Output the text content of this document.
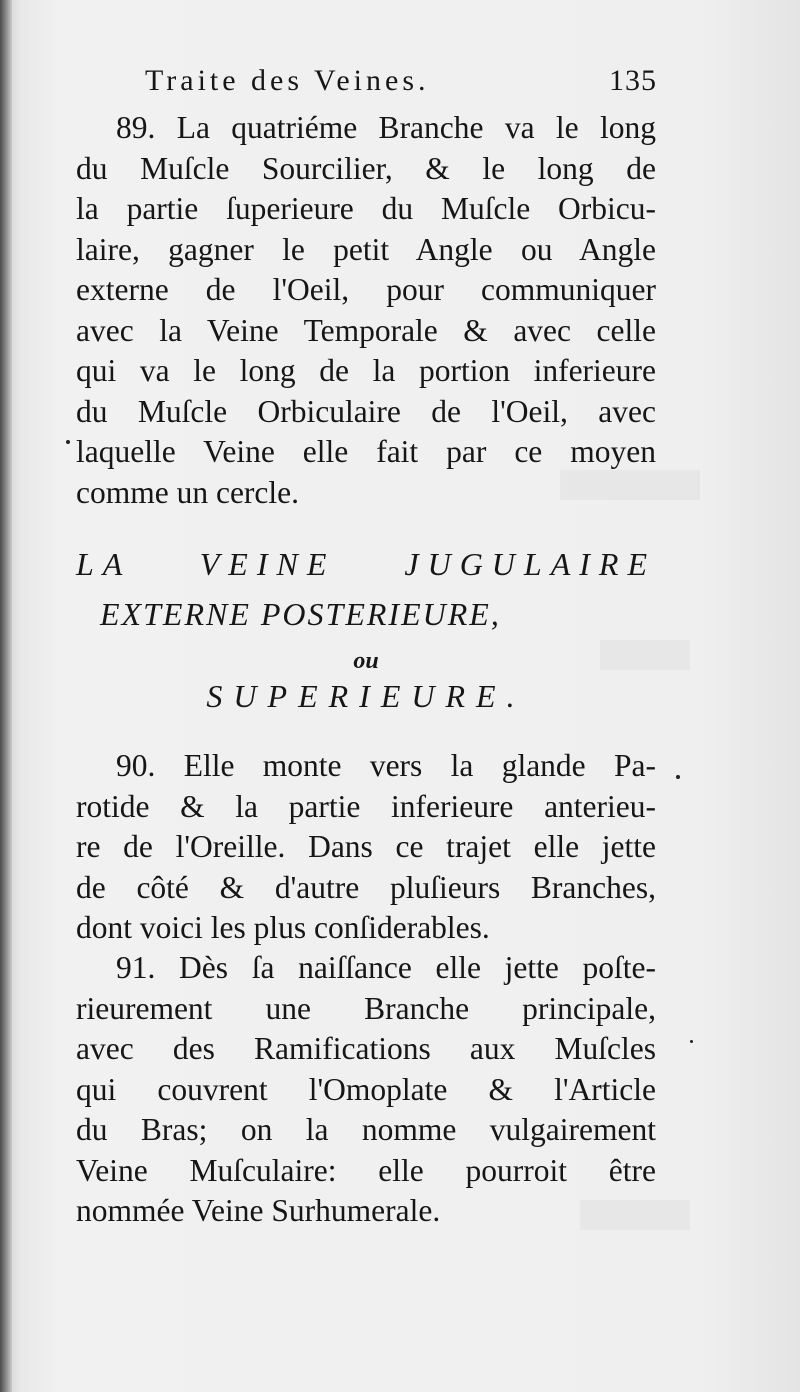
Traite des Veines.	135
89. La quatriéme Branche va le long
du Muſcle Sourcilier, & le long de
la partie ſuperieure du Muſcle Orbicu-
laire, gagner le petit Angle ou Angle
externe de l'Oeil, pour communiquer
avec la Veine Temporale & avec celle
qui va le long de la portion inferieure
du Muſcle Orbiculaire de l'Oeil, avec
laquelle Veine elle fait par ce moyen
comme un cercle.
LA VEINE JUGULAIRE
EXTERNE POSTERIEURE,
ou
SUPERIEURE.
90. Elle monte vers la glande Pa-
rotide & la partie inferieure anterieu-
re de l'Oreille. Dans ce trajet elle jette
de côté & d'autre pluſieurs Branches,
dont voici les plus conſiderables.
91. Dès ſa naiſſance elle jette poſte-
rieurement une Branche principale,
avec des Ramifications aux Muſcles
qui couvrent l'Omoplate & l'Article
du Bras; on la nomme vulgairement
Veine Muſculaire: elle pourroit être
nommée Veine Surhumerale.
